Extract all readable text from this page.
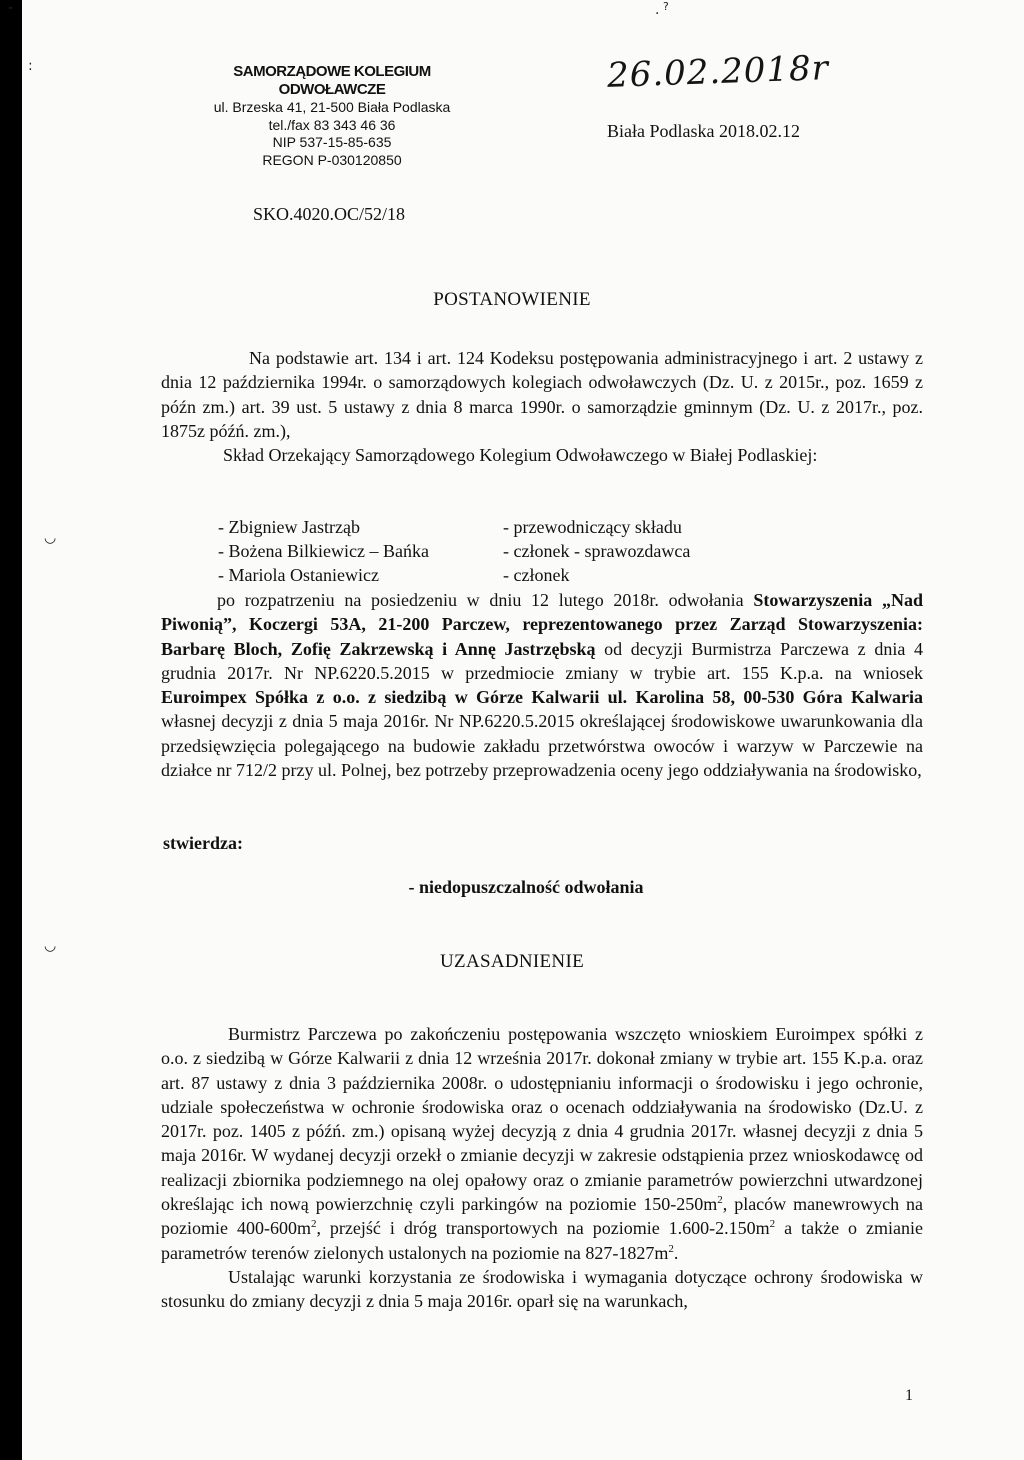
-
:
. ?
◡
◡
SAMORZĄDOWE KOLEGIUM ODWOŁAWCZE
ul. Brzeska 41, 21-500 Biała Podlaska
tel./fax 83 343 46 36
NIP 537-15-85-635
REGON P-030120850
26.02.2018r
Biała Podlaska 2018.02.12
SKO.4020.OC/52/18
POSTANOWIENIE

Na podstawie art. 134 i art. 124 Kodeksu postępowania administracyjnego i art. 2 ustawy z dnia 12 października 1994r. o samorządowych kolegiach odwoławczych (Dz. U. z 2015r., poz. 1659 z późn zm.) art. 39 ust. 5 ustawy z dnia 8 marca 1990r. o samorządzie gminnym (Dz. U. z 2017r., poz. 1875z późń. zm.),

Skład Orzekający Samorządowego Kolegium Odwoławczego w Białej Podlaskiej:

- Zbigniew Jastrząb	- przewodniczący składu
- Bożena Bilkiewicz – Bańka	- członek - sprawozdawca
- Mariola Ostaniewicz	- członek

po rozpatrzeniu na posiedzeniu w dniu 12 lutego 2018r. odwołania Stowarzyszenia „Nad Piwonią”, Koczergi 53A, 21-200 Parczew, reprezentowanego przez Zarząd Stowarzyszenia: Barbarę Bloch, Zofię Zakrzewską i Annę Jastrzębską od decyzji Burmistrza Parczewa z dnia 4 grudnia 2017r. Nr NP.6220.5.2015 w przedmiocie zmiany w trybie art. 155 K.p.a. na wniosek Euroimpex Spółka z o.o. z siedzibą w Górze Kalwarii ul. Karolina 58, 00-530 Góra Kalwaria własnej decyzji z dnia 5 maja 2016r. Nr NP.6220.5.2015 określającej środowiskowe uwarunkowania dla przedsięwzięcia polegającego na budowie zakładu przetwórstwa owoców i warzyw w Parczewie na działce nr 712/2 przy ul. Polnej, bez potrzeby przeprowadzenia oceny jego oddziaływania na środowisko,

stwierdza:
- niedopuszczalność odwołania
UZASADNIENIE

Burmistrz Parczewa po zakończeniu postępowania wszczęto wnioskiem Euroimpex spółki z o.o. z siedzibą w Górze Kalwarii z dnia 12 września 2017r. dokonał zmiany w trybie art. 155 K.p.a. oraz art. 87 ustawy z dnia 3 października 2008r. o udostępnianiu informacji o środowisku i jego ochronie, udziale społeczeństwa w ochronie środowiska oraz o ocenach oddziaływania na środowisko (Dz.U. z 2017r. poz. 1405 z późń. zm.) opisaną wyżej decyzją z dnia 4 grudnia 2017r. własnej decyzji z dnia 5 maja 2016r. W wydanej decyzji orzekł o zmianie decyzji w zakresie odstąpienia przez wnioskodawcę od realizacji zbiornika podziemnego na olej opałowy oraz o zmianie parametrów powierzchni utwardzonej określając ich nową powierzchnię czyli parkingów na poziomie $150-250m^2$, placów manewrowych na poziomie $400-600m^2$, przejść i dróg transportowych na poziomie $1.600-2.150m^2$ a także o zmianie parametrów terenów zielonych ustalonych na poziomie na $827-1827m^2$.

Ustalając warunki korzystania ze środowiska i wymagania dotyczące ochrony środowiska w stosunku do zmiany decyzji z dnia 5 maja 2016r. oparł się na warunkach,

1
